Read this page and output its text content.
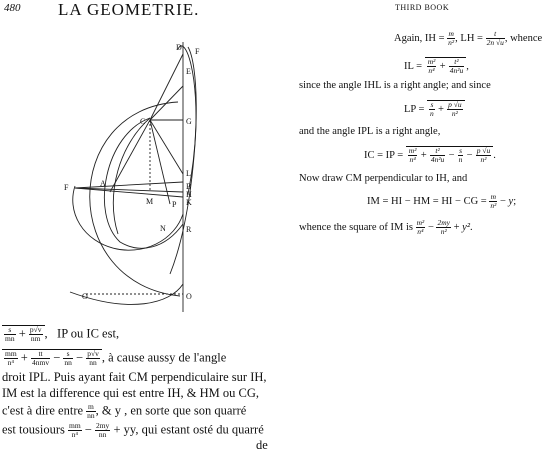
480 LA GEOMETRIE.
D F
E
C	G
L
F	A	B
H
K
M P
N	R
O	O
$\frac{s}{mn} + \frac{p√v}{nm}$ ,   IP ou IC est,
$\frac{mm}{\text{n⁴}} + \frac{tt}{\text{4nmv}} - \frac{s}{nn} - \frac{p√v}{nn}$ , à cause aussy de l'angle
droit IPL. Puis ayant fait CM perpendiculaire sur IH,
IM est la difference qui est entre IH, & HM ou CG,
c'est à dire entre $\frac{m}{nn}$ , & y , en sorte que son quarré
est tousiours $\frac{mm}{\text{n⁴}} - \frac{2my}{nn}$ + yy, qui estant osté du quarré
de
THIRD BOOK
Again, IH = $\frac{m}{\text{n²}}$ , LH = $\frac{t}{2n √u}$ , whence
IL = $\frac{\text{m²}}{\text{n⁴}} + \frac{\text{t²}}{\text{4n²u}}$ ,
since the angle IHL is a right angle; and since
LP = $\frac{s}{n} + \frac{p √u}{\text{n²}}$
and the angle IPL is a right angle,
IC = IP = $\frac{\text{m²}}{\text{n⁴}} + \frac{\text{t²}}{\text{4n²u}} - \frac{s}{n} - \frac{p √u}{\text{n²}}$ .
Now draw CM perpendicular to IH, and
IM = HI − HM = HI − CG = $\frac{m}{\text{n²}} - y$;
whence the square of IM is $\frac{\text{m²}}{\text{n⁴}} - \frac{2my}{\text{n²}} + y^2$.
